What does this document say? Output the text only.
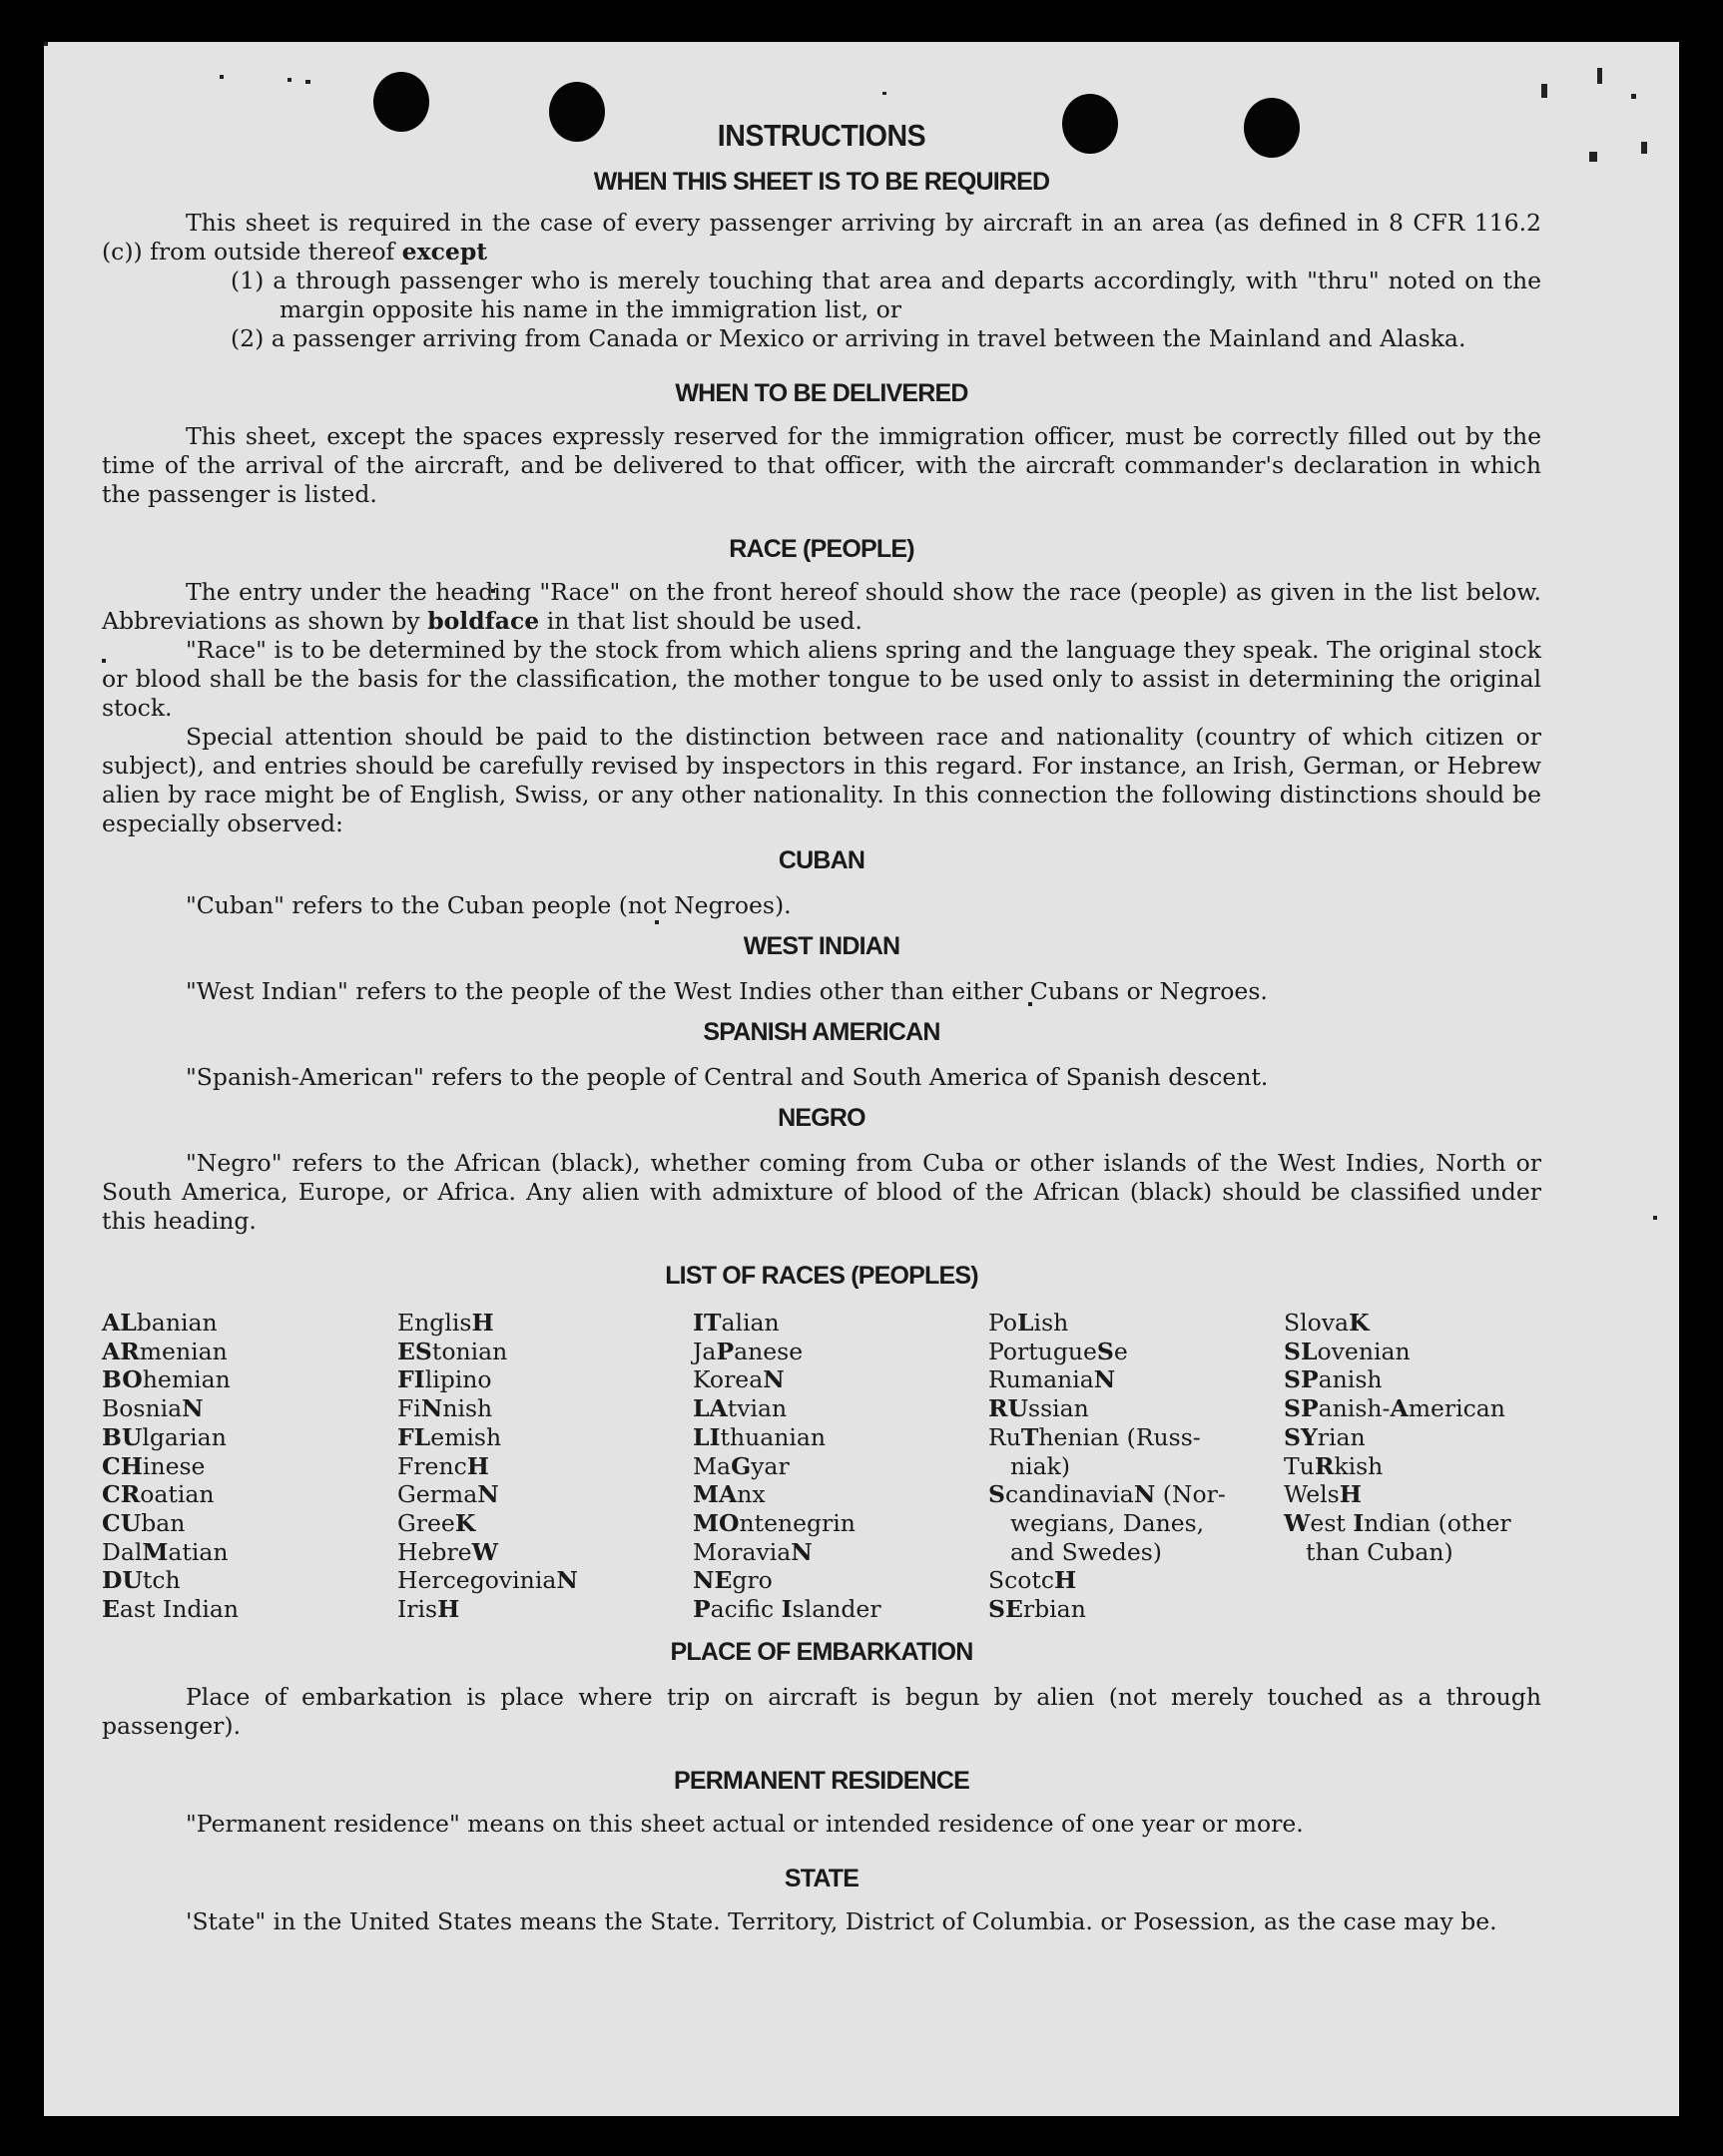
INSTRUCTIONS
WHEN THIS SHEET IS TO BE REQUIRED

This sheet is required in the case of every passenger arriving by aircraft in an area (as defined in 8 CFR 116.2 (c)) from outside thereof except

(1) a through passenger who is merely touching that area and departs accordingly, with "thru" noted on the margin opposite his name in the immigration list, or

(2) a passenger arriving from Canada or Mexico or arriving in travel between the Mainland and Alaska.

WHEN TO BE DELIVERED

This sheet, except the spaces expressly reserved for the immigration officer, must be correctly filled out by the time of the arrival of the aircraft, and be delivered to that officer, with the aircraft commander's declaration in which the passenger is listed.

RACE (PEOPLE)

The entry under the heading "Race" on the front hereof should show the race (people) as given in the list below. Abbreviations as shown by boldface in that list should be used.

"Race" is to be determined by the stock from which aliens spring and the language they speak. The original stock or blood shall be the basis for the classification, the mother tongue to be used only to assist in determining the original stock.

Special attention should be paid to the distinction between race and nationality (country of which citizen or subject), and entries should be carefully revised by inspectors in this regard. For instance, an Irish, German, or Hebrew alien by race might be of English, Swiss, or any other nationality. In this connection the following distinctions should be especially observed:

CUBAN

"Cuban" refers to the Cuban people (not Negroes).

WEST INDIAN

"West Indian" refers to the people of the West Indies other than either Cubans or Negroes.

SPANISH AMERICAN

"Spanish-American" refers to the people of Central and South America of Spanish descent.

NEGRO

"Negro" refers to the African (black), whether coming from Cuba or other islands of the West Indies, North or South America, Europe, or Africa. Any alien with admixture of blood of the African (black) should be classified under this heading.

LIST OF RACES (PEOPLES)
ALbanian
ARmenian
BOhemian
BosniaN
BUlgarian
CHinese
CRoatian
CUban
DalMatian
DUtch
East Indian
EnglisH
EStonian
FIlipino
FiNnish
FLemish
FrencH
GermaN
GreeK
HebreW
HercegoviniaN
IrisH
ITalian
JaPanese
KoreaN
LAtvian
LIthuanian
MaGyar
MAnx
MOntenegrin
MoraviaN
NEgro
Pacific Islander
PoLish
PortugueSe
RumaniaN
RUssian
RuThenian (Russ-
niak)
ScandinaviaN (Nor-
wegians, Danes,
and Swedes)
ScotcH
SErbian
SlovaK
SLovenian
SPanish
SPanish-American
SYrian
TuRkish
WelsH
West Indian (other
than Cuban)
PLACE OF EMBARKATION

Place of embarkation is place where trip on aircraft is begun by alien (not merely touched as a through passenger).

PERMANENT RESIDENCE

"Permanent residence" means on this sheet actual or intended residence of one year or more.

STATE

'State" in the United States means the State. Territory, District of Columbia. or Posession, as the case may be.
